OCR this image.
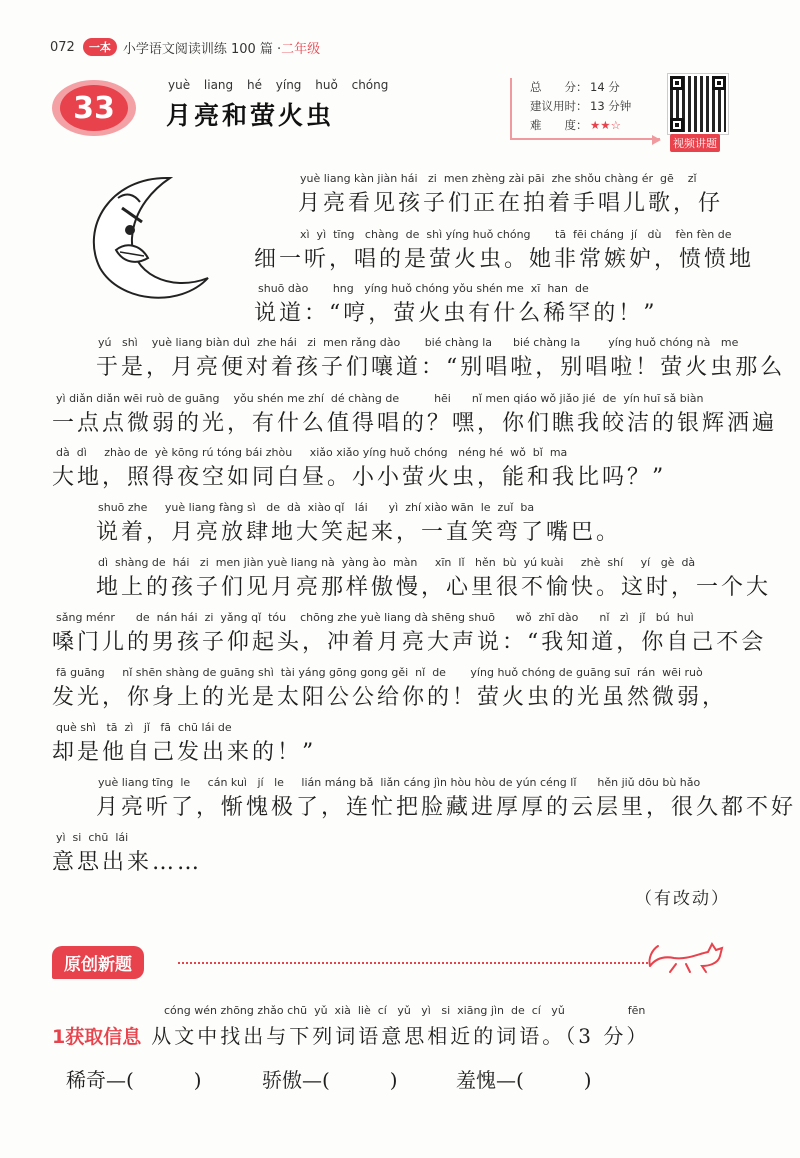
072	一本 小学语文阅读训练 100 篇 · 二年级
33
yuè liang hé yíng huǒ chóng
月亮和萤火虫
总　　分： 14 分
建议用时： 13 分钟
难　　度： ★★☆
视频讲题
yuè liang kàn jiàn hái   zi  men zhèng zài pāi  zhe shǒu chàng ér  gē    zǐ
月亮看见孩子们正在拍着手唱儿歌，仔
xì  yì  tīng   chàng  de  shì yíng huǒ chóng       tā  fēi cháng  jí   dù    fèn fèn de
细一听，唱的是萤火虫。她非常嫉妒，愤愤地
shuō dào       hng   yíng huǒ chóng yǒu shén me  xī  han  de
说道：“哼，萤火虫有什么稀罕的！”
yú   shì    yuè liang biàn duì  zhe hái   zi  men rǎng dào       bié chàng la      bié chàng la        yíng huǒ chóng nà   me
于是，月亮便对着孩子们嚷道：“别唱啦，别唱啦！萤火虫那么
yì diǎn diǎn wēi ruò de guāng    yǒu shén me zhí  dé chàng de          hēi      nǐ men qiáo wǒ jiǎo jié  de  yín huī sǎ biàn
一点点微弱的光，有什么值得唱的？嘿，你们瞧我皎洁的银辉洒遍
dà  dì     zhào de  yè kōng rú tóng bái zhòu     xiǎo xiǎo yíng huǒ chóng   néng hé  wǒ  bǐ  ma
大地，照得夜空如同白昼。小小萤火虫，能和我比吗？”
shuō zhe     yuè liang fàng sì   de  dà  xiào qǐ   lái      yì  zhí xiào wān  le  zuǐ  ba
说着，月亮放肆地大笑起来，一直笑弯了嘴巴。
dì  shàng de  hái   zi  men jiàn yuè liang nà  yàng ào  màn     xīn  lǐ   hěn  bù  yú kuài     zhè  shí     yí   gè  dà
地上的孩子们见月亮那样傲慢，心里很不愉快。这时，一个大
sǎng ménr      de  nán hái  zi  yǎng qǐ  tóu    chōng zhe yuè liang dà shēng shuō      wǒ  zhī dào      nǐ   zì   jǐ   bú  huì
嗓门儿的男孩子仰起头，冲着月亮大声说：“我知道，你自己不会
fā guāng     nǐ shēn shàng de guāng shì  tài yáng gōng gong gěi  nǐ  de       yíng huǒ chóng de guāng suī  rán  wēi ruò
发光，你身上的光是太阳公公给你的！萤火虫的光虽然微弱，
què shì   tā  zì   jǐ   fā  chū lái de
却是他自己发出来的！”
yuè liang tīng  le     cán kuì   jí   le     lián máng bǎ  liǎn cáng jìn hòu hòu de yún céng lǐ      hěn jiǔ dōu bù hǎo
月亮听了，惭愧极了，连忙把脸藏进厚厚的云层里，很久都不好
yì  si  chū  lái
意思出来……
（有改动）
原创新题
cóng wén zhōng zhǎo chū  yǔ  xià  liè  cí   yǔ   yì   si  xiāng jìn  de  cí   yǔ                  fēn
1获取信息 从文中找出与下列词语意思相近的词语。（3 分）
稀奇—(　　　)	骄傲—(　　　)	羞愧—(　　　)
